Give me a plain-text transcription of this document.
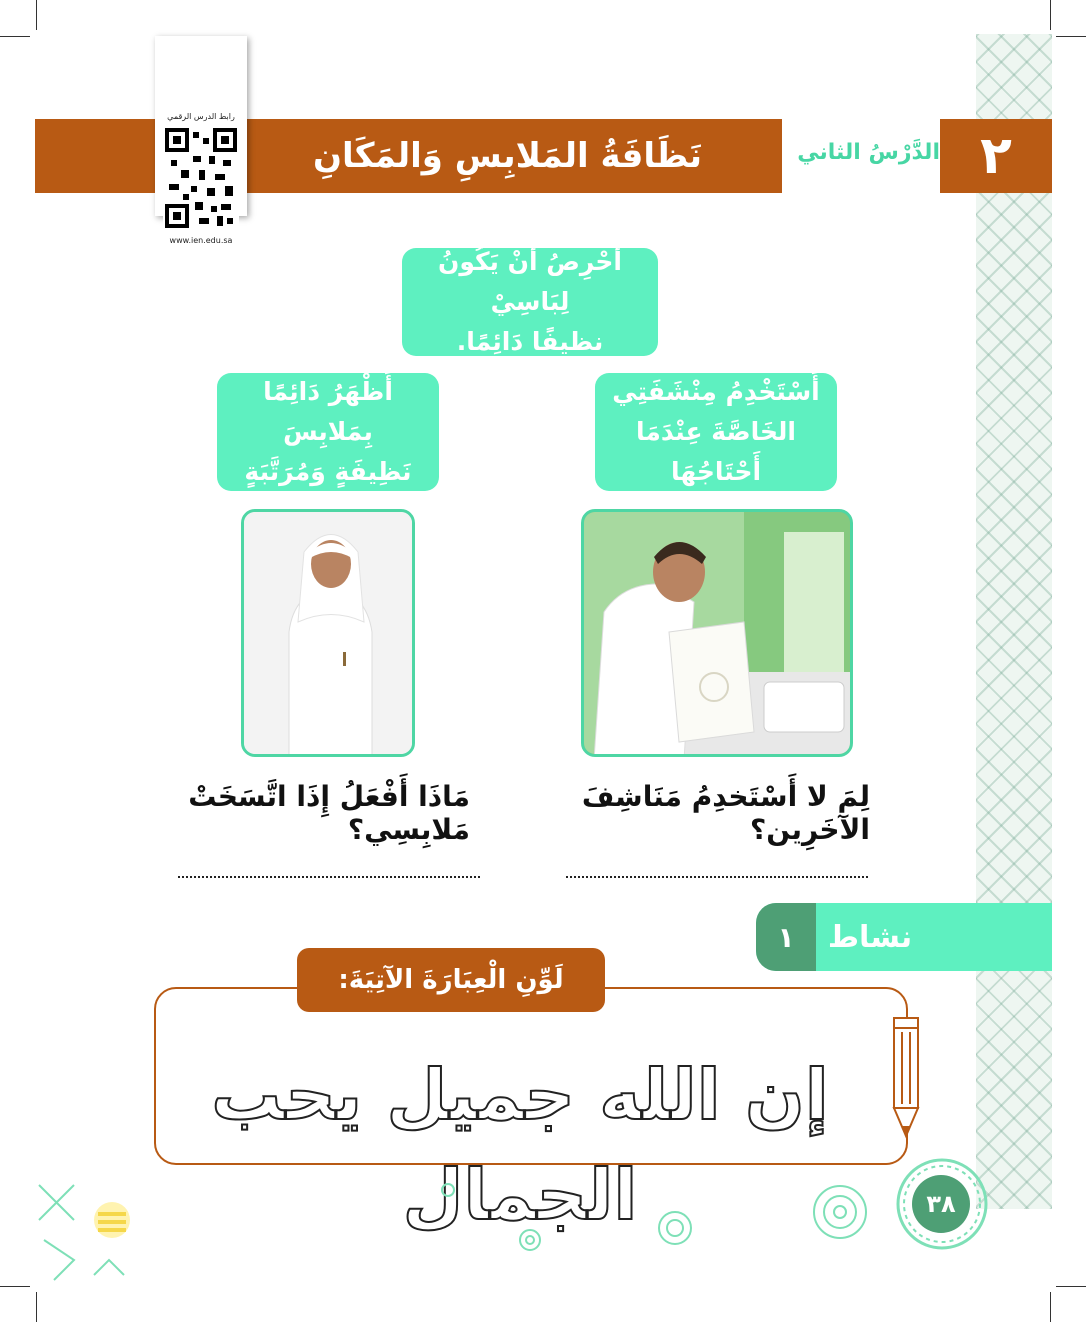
نَظَافَةُ المَلابِسِ وَالمَكَانِ	الدَّرْسُ الثاني ٢
رابط الدرس الرقمي
www.ien.edu.sa
أَحْرِصُ أَنْ يَكُونُ لِبَاسِيْ
نظيفًا دَائِمًا.
أَظْهَرُ دَائِمًا بِمَلابِسَ
نَظِيفَةٍ وَمُرَتَّبَةٍ
أَسْتَخْدِمُ مِنْشَفَتِي
الخَاصَّةَ عِنْدَمَا أَحْتَاجُهَا
مَاذَا أَفْعَلُ إِذَا اتَّسَخَتْ مَلابِسِي؟
لِمَ لا أَسْتَخدِمُ مَنَاشِفَ الآخَرِين؟
١	نشاط
لَوِّنِ الْعِبَارَةَ الآتِيَةَ:
إن الله جميل يحب الجمال	٣٨
